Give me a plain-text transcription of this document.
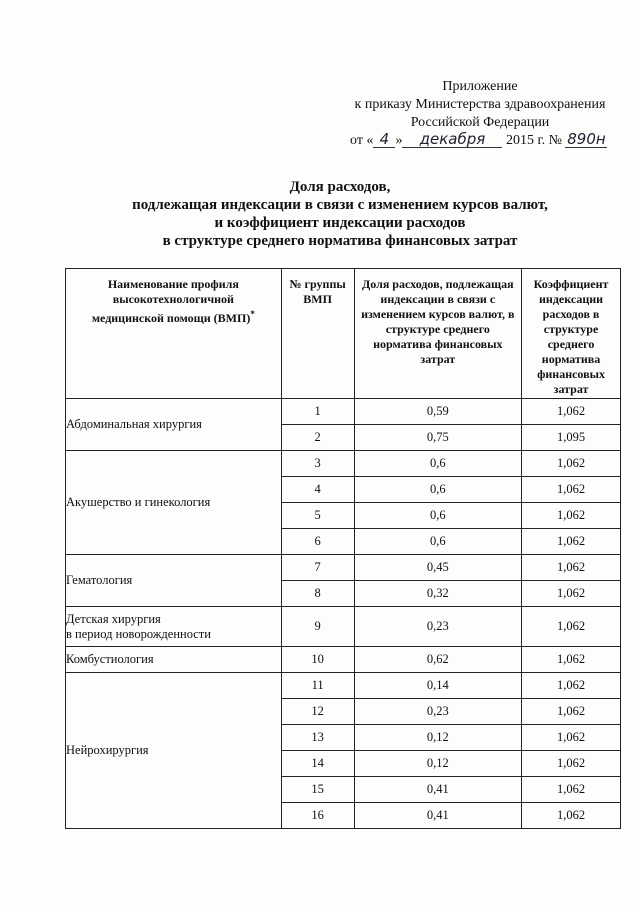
Приложение
к приказу Министерства здравоохранения
Российской Федерации
от « 4 » декабря 2015 г. № 890н
Доля расходов,
подлежащая индексации в связи с изменением курсов валют,
и коэффициент индексации расходов
в структуре среднего норматива финансовых затрат
Наименование профиля высокотехнологичной медицинской помощи (ВМП)*	№ группы ВМП	Доля расходов, подлежащая индексации в связи с изменением курсов валют, в структуре среднего норматива финансовых затрат	Коэффициент индексации расходов в структуре среднего норматива финансовых затрат
Абдоминальная хирургия	1	0,59	1,062
	2	0,75	1,095
Акушерство и гинекология	3	0,6	1,062
	4	0,6	1,062
	5	0,6	1,062
	6	0,6	1,062
Гематология	7	0,45	1,062
	8	0,32	1,062
Детская хирургия
в период новорожденности	9	0,23	1,062
Комбустиология	10	0,62	1,062
Нейрохирургия	11	0,14	1,062
	12	0,23	1,062
	13	0,12	1,062
	14	0,12	1,062
	15	0,41	1,062
	16	0,41	1,062
